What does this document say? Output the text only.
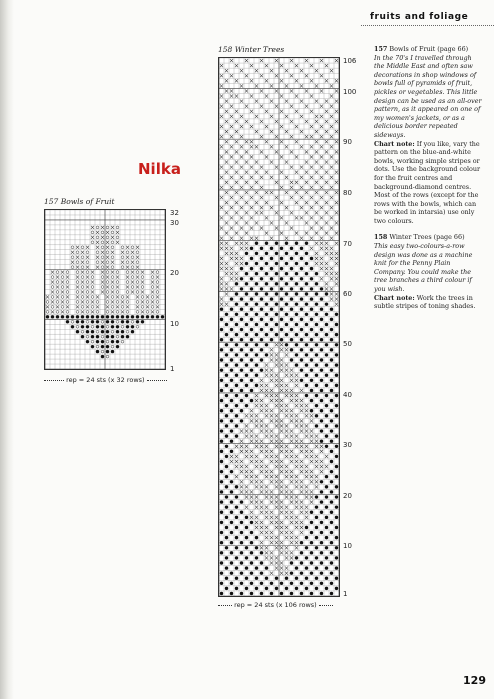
fruits and foliage
Nilka
157 Bowls of Fruit
32
30
20
10
1
rep = 24 sts (x 32 rows)
158 Winter Trees
106
100
90
80
70
60
50
40
30
20
10
1
rep = 24 sts (x 106 rows)

157 Bowls of Fruit (page 66)
In the 70's I travelled through the Middle East and often saw decorations in shop windows of bowls full of pyramids of fruit, pickles or vegetables. This little design can be used as an all-over pattern, as it appeared on one of my women's jackets, or as a delicious border repeated sideways.
Chart note: If you like, vary the pattern on the blue-and-white bowls, working simple stripes or dots. Use the background colour for the fruit centres and background-diamond centres. Most of the rows (except for the rows with the bowls, which can be worked in intarsia) use only two colours.

158 Winter Trees (page 66)
This easy two-colours-a-row design was done as a machine knit for the Penny Plain Company. You could make the tree branches a third colour if you wish.
Chart note: Work the trees in subtle stripes of toning shades.

129
